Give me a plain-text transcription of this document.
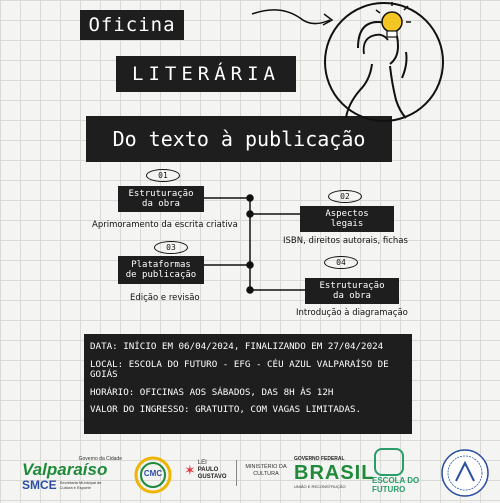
Oficina
LITERÁRIA
Do texto à publicação
01
Estruturação
da obra
Aprimoramento da escrita criativa
02
Aspectos
legais
ISBN, direitos autorais, fichas
03
Plataformas
de publicação
Edição e revisão
04
Estruturação
da obra
Introdução à diagramação

DATA: INÍCIO EM 06/04/2024, FINALIZANDO EM 27/04/2024

LOCAL: ESCOLA DO FUTURO - EFG - CÉU AZUL VALPARAÍSO DE GOIÁS

HORÁRIO: OFICINAS AOS SÁBADOS, DAS 8H ÀS 12H

VALOR DO INGRESSO: GRATUITO, COM VAGAS LIMITADAS.

Governo da Cidade
Valparaíso
SMCE Secretaria Municipal de Cultura e Esporte
CMC	✶ LEI
PAULO GUSTAVO
MINISTÉRIO DA CULTURA
GOVERNO FEDERAL
BRASIL
UNIÃO E RECONSTRUÇÃO
ESCOLA DO
FUTURO
